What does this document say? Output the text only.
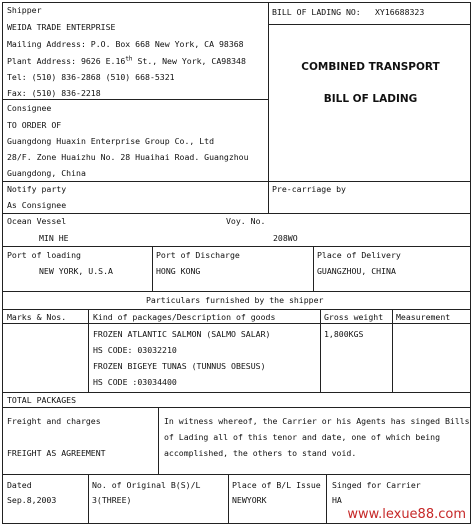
Shipper
WEIDA TRADE ENTERPRISE
Mailing Address: P.O. Box 668 New York, CA 98368
Plant Address: 9626 E.16th St., New York, CA98348
Tel: (510) 836-2868 (510) 668-5321
Fax: (510) 836-2218
BILL OF LADING NO: XY16688323
COMBINED TRANSPORT
BILL OF LADING
Consignee
TO ORDER OF
Guangdong Huaxin Enterprise Group Co., Ltd
28/F. Zone Huaizhu No. 28 Huaihai Road. Guangzhou
Guangdong, China
Notify party
As Consignee
Pre-carriage by
Ocean Vessel
MIN HE
Voy. No.
208WO
Port of loading
NEW YORK, U.S.A
Port of Discharge
HONG KONG
Place of Delivery
GUANGZHOU, CHINA
Particulars furnished by the shipper
Marks & Nos.	Kind of packages/Description of goods	Gross weight Measurement
FROZEN ATLANTIC SALMON (SALMO SALAR)
HS CODE: 03032210
FROZEN BIGEYE TUNAS (TUNNUS OBESUS)
HS CODE :03034400
1,800KGS
TOTAL PACKAGES
Freight and charges
FREIGHT AS AGREEMENT
In witness whereof, the Carrier or his Agents has singed Bills
of Lading all of this tenor and date, one of which being
accomplished, the others to stand void.
Dated
Sep.8,2003
No. of Original B(S)/L
3(THREE)
Place of B/L Issue
NEWYORK
Singed for Carrier
HA
www.lexue88.com
